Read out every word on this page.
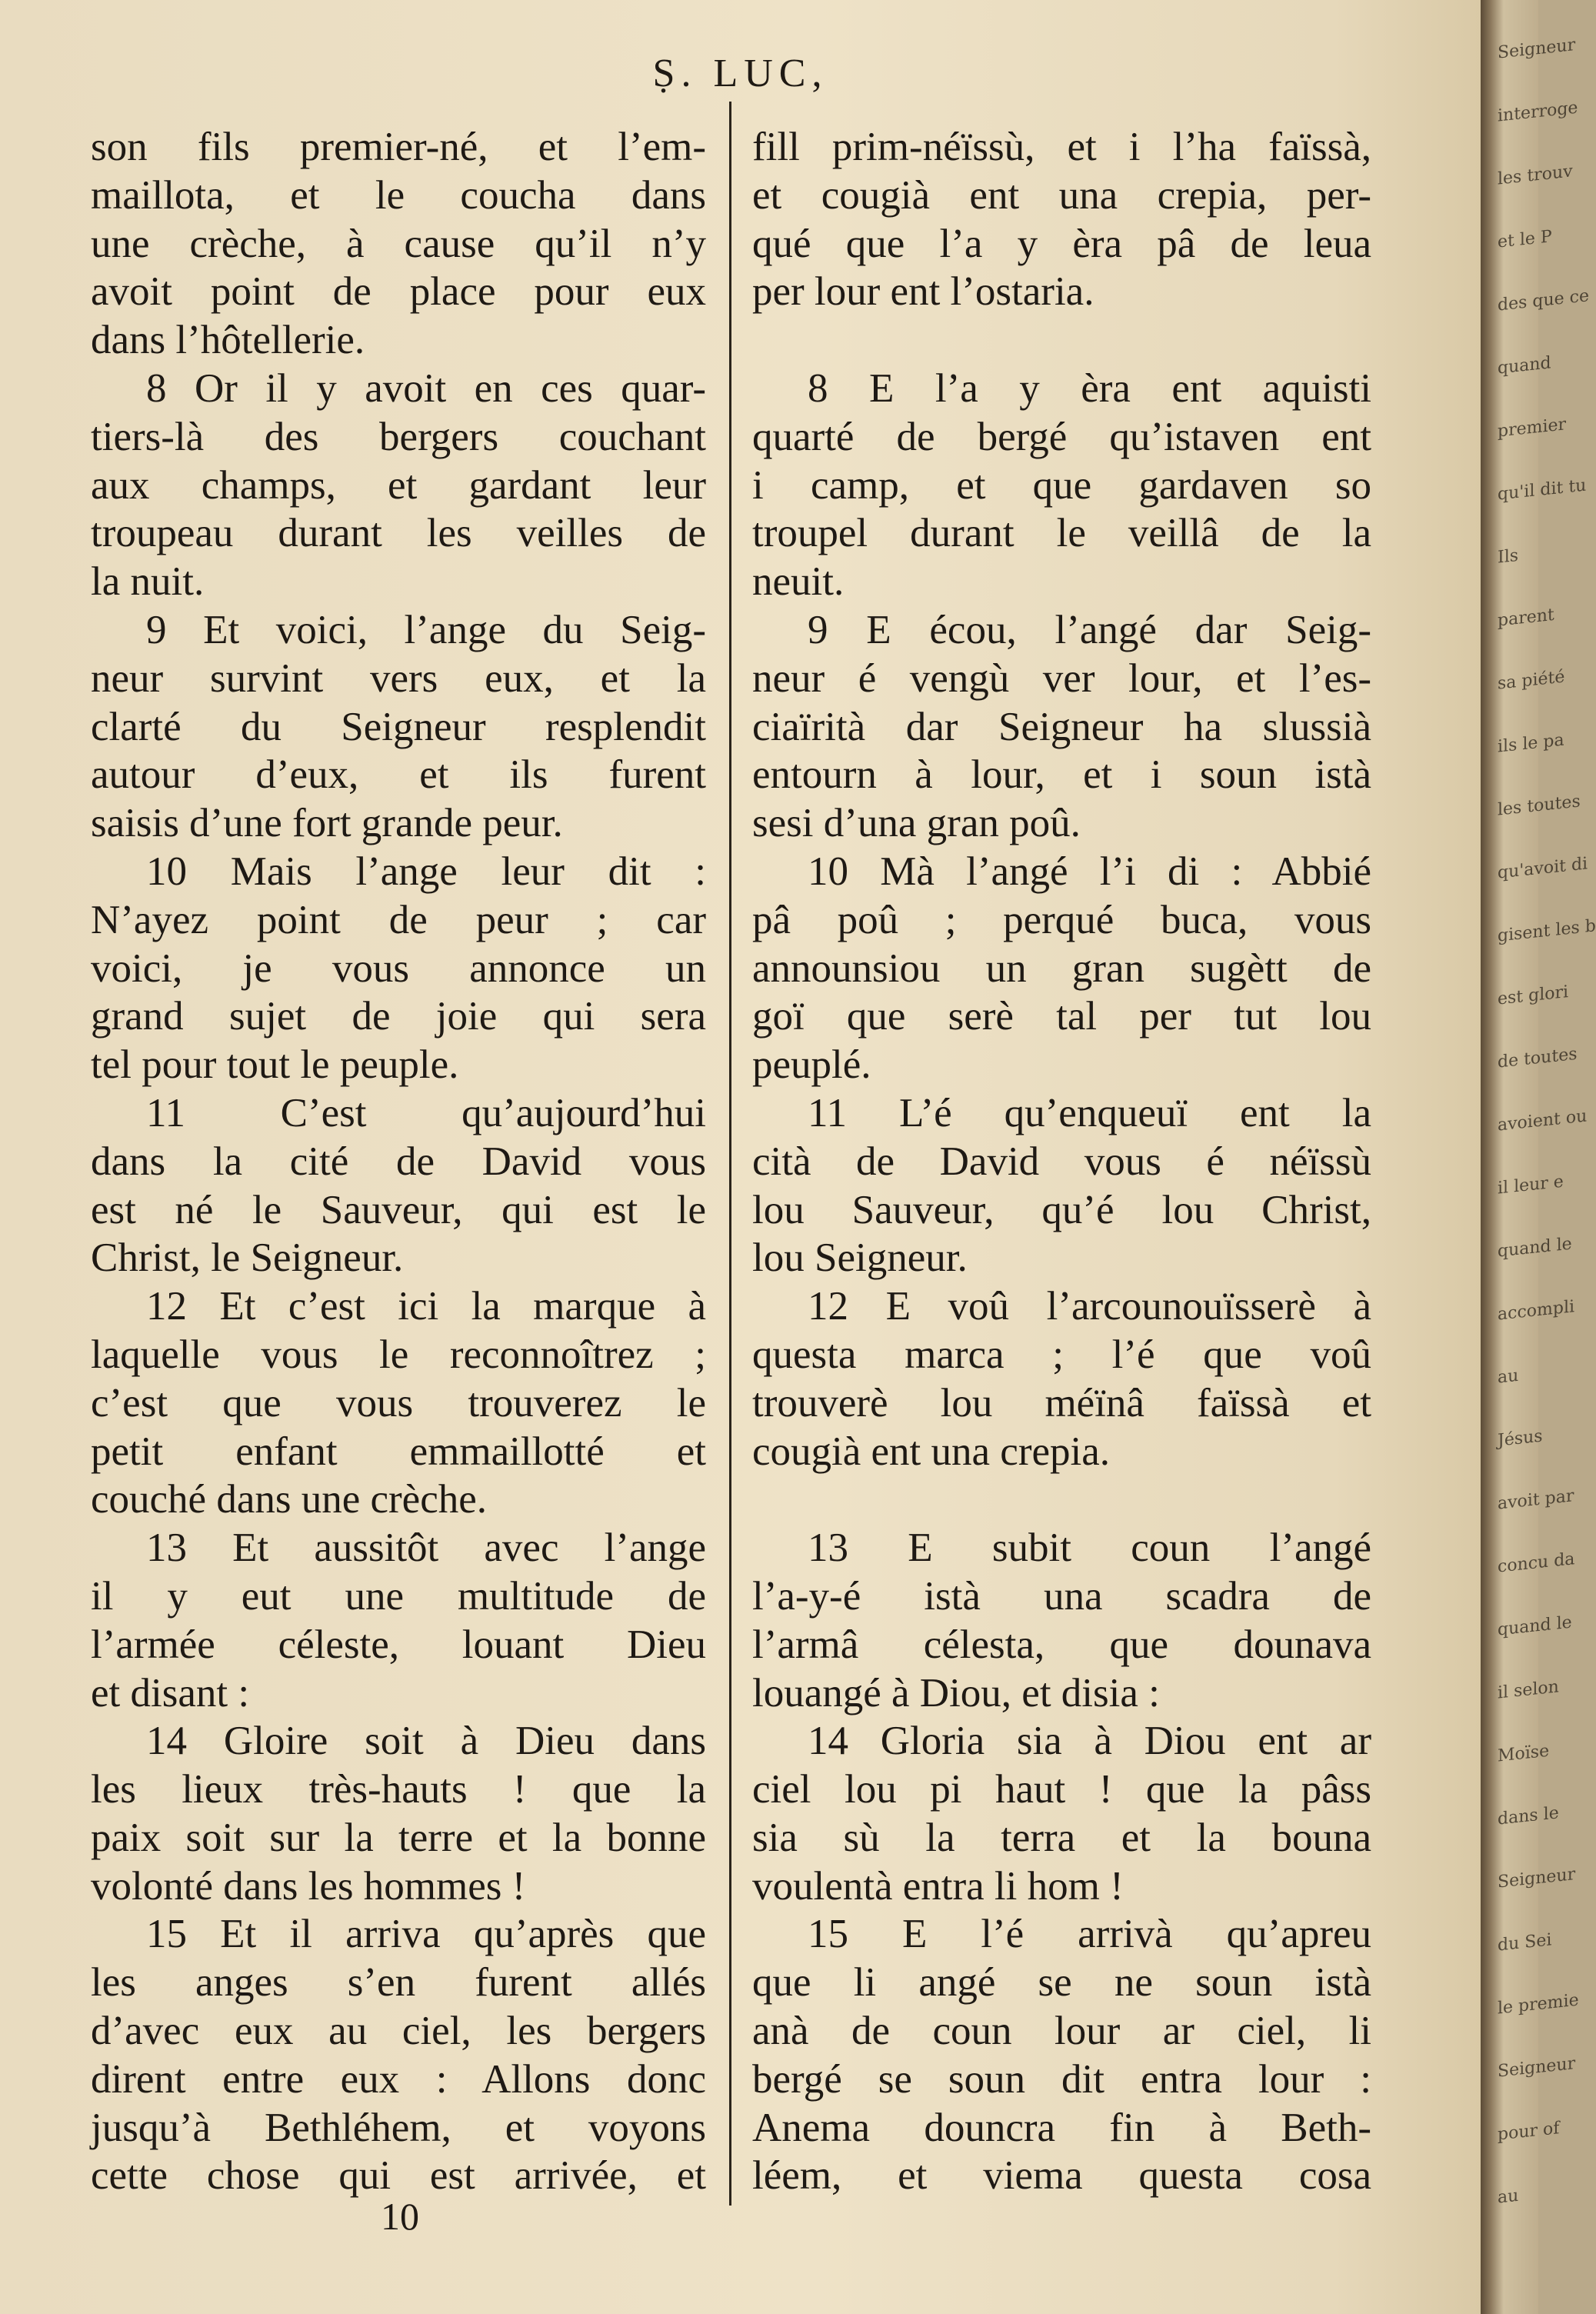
Ṣ. LUC,
son fils premier-né, et l’em-
maillota, et le coucha dans
une crèche, à cause qu’il n’y
avoit point de place pour eux
dans l’hôtellerie.
8 Or il y avoit en ces quar-
tiers-là des bergers couchant
aux champs, et gardant leur
troupeau durant les veilles de
la nuit.
9 Et voici, l’ange du Seig-
neur survint vers eux, et la
clarté du Seigneur resplendit
autour d’eux, et ils furent
saisis d’une fort grande peur.
10 Mais l’ange leur dit :
N’ayez point de peur ; car
voici, je vous annonce un
grand sujet de joie qui sera
tel pour tout le peuple.
11 C’est qu’aujourd’hui
dans la cité de David vous
est né le Sauveur, qui est le
Christ, le Seigneur.
12 Et c’est ici la marque à
laquelle vous le reconnoîtrez ;
c’est que vous trouverez le
petit enfant emmaillotté et
couché dans une crèche.
13 Et aussitôt avec l’ange
il y eut une multitude de
l’armée céleste, louant Dieu
et disant :
14 Gloire soit à Dieu dans
les lieux très-hauts ! que la
paix soit sur la terre et la bonne
volonté dans les hommes !
15 Et il arriva qu’après que
les anges s’en furent allés
d’avec eux au ciel, les bergers
dirent entre eux : Allons donc
jusqu’à Bethléhem, et voyons
cette chose qui est arrivée, et
fill prim-néïssù, et i l’ha faïssà,
et cougià ent una crepia, per-
qué que l’a y èra pâ de leua
per lour ent l’ostaria.
8 E l’a y èra ent aquisti
quarté de bergé qu’istaven ent
i camp, et que gardaven so
troupel durant le veillâ de la
neuit.
9 E écou, l’angé dar Seig-
neur é vengù ver lour, et l’es-
ciaïrità dar Seigneur ha slussià
entourn à lour, et i soun istà
sesi d’una gran poû.
10 Mà l’angé l’i di : Abbié
pâ poû ; perqué buca, vous
announsiou un gran sugètt de
goï que serè tal per tut lou
peuplé.
11 L’é qu’enqueuï ent la
cità de David vous é néïssù
lou Sauveur, qu’é lou Christ,
lou Seigneur.
12 E voû l’arcounouïsserè à
questa marca ; l’é que voû
trouverè lou méïnâ faïssà et
cougià ent una crepia.
13 E subit coun l’angé
l’a-y-é istà una scadra de
l’armâ célesta, que dounava
louangé à Diou, et disia :
14 Gloria sia à Diou ent ar
ciel lou pi haut ! que la pâss
sia sù la terra et la bouna
voulentà entra li hom !
15 E l’é arrivà qu’apreu
que li angé se ne soun istà
anà de coun lour ar ciel, li
bergé se soun dit entra lour :
Anema douncra fin à Beth-
léem, et viema questa cosa
10
Seigneur
interroge
les trouv
et le P
des que ce
quand
premier
qu'il dit tu
Ils
parent
sa piété
ils le pa
les toutes
qu'avoit di
gisent les b
est glori
de toutes
avoient ou
il leur e
quand le
accompli
au
Jésus
avoit par
concu da
quand le
il selon
Moïse
dans le
Seigneur
du Sei
le premie
Seigneur
pour of
au
